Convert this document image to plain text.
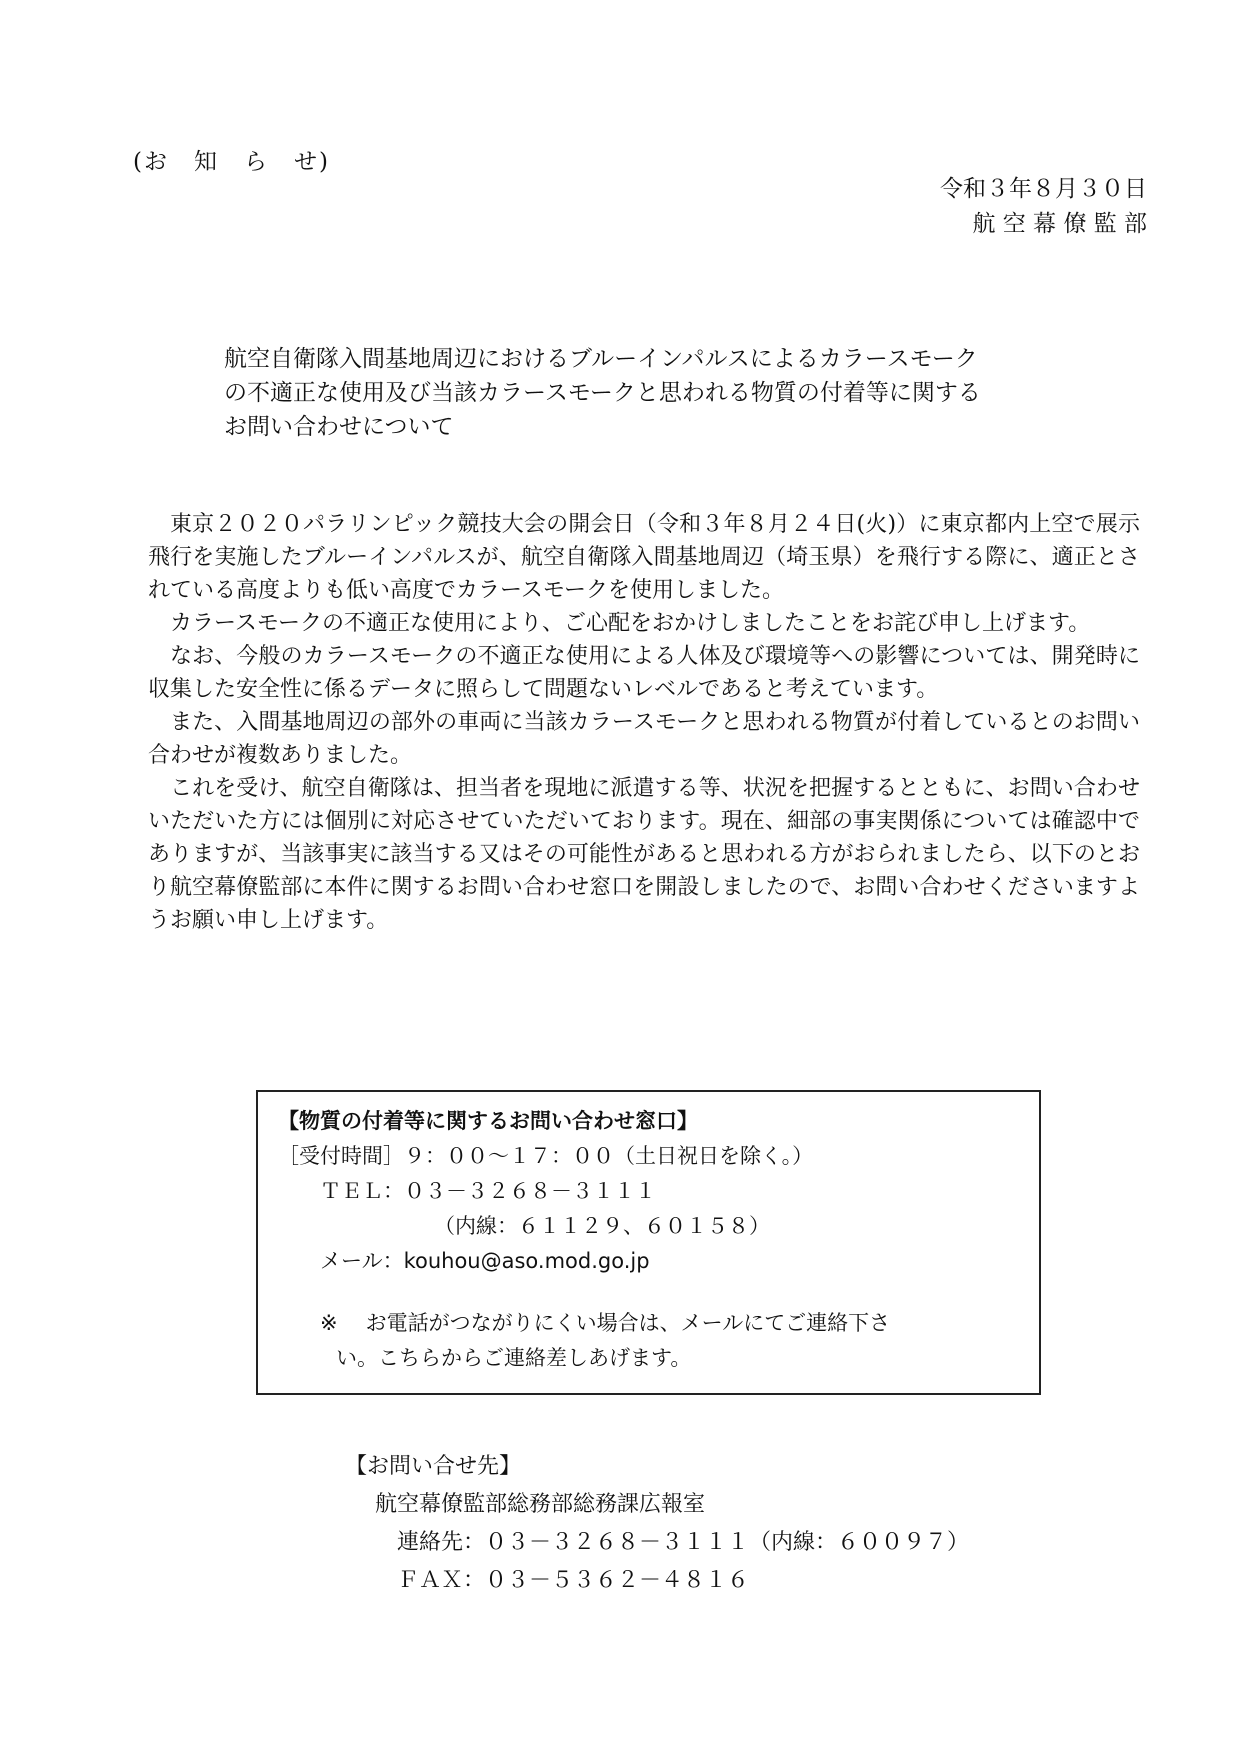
(お　知　ら　せ)
令和３年８月３０日
航 空 幕 僚 監 部
航空自衛隊入間基地周辺におけるブルーインパルスによるカラースモーク
の不適正な使用及び当該カラースモークと思われる物質の付着等に関する
お問い合わせについて

東京２０２０パラリンピック競技大会の開会日（令和３年８月２４日(火)）に東京都内上空で展示飛行を実施したブルーインパルスが、航空自衛隊入間基地周辺（埼玉県）を飛行する際に、適正とされている高度よりも低い高度でカラースモークを使用しました。

カラースモークの不適正な使用により、ご心配をおかけしましたことをお詫び申し上げます。

なお、今般のカラースモークの不適正な使用による人体及び環境等への影響については、開発時に収集した安全性に係るデータに照らして問題ないレベルであると考えています。

また、入間基地周辺の部外の車両に当該カラースモークと思われる物質が付着しているとのお問い合わせが複数ありました。

これを受け、航空自衛隊は、担当者を現地に派遣する等、状況を把握するとともに、お問い合わせいただいた方には個別に対応させていただいております。現在、細部の事実関係については確認中でありますが、当該事実に該当する又はその可能性があると思われる方がおられましたら、以下のとおり航空幕僚監部に本件に関するお問い合わせ窓口を開設しましたので、お問い合わせくださいますようお願い申し上げます。

【物質の付着等に関するお問い合わせ窓口】
［受付時間］９：００～１７：００（土日祝日を除く。）
ＴＥＬ：０３－３２６８－３１１１
（内線：６１１２９、６０１５８）
メール：kouhou@aso.mod.go.jp
※ お電話がつながりにくい場合は、メールにてご連絡下さ
い。こちらからご連絡差しあげます。
【お問い合せ先】
航空幕僚監部総務部総務課広報室
連絡先：０３－３２６８－３１１１（内線：６００９７）
ＦＡＸ：０３－５３６２－４８１６
